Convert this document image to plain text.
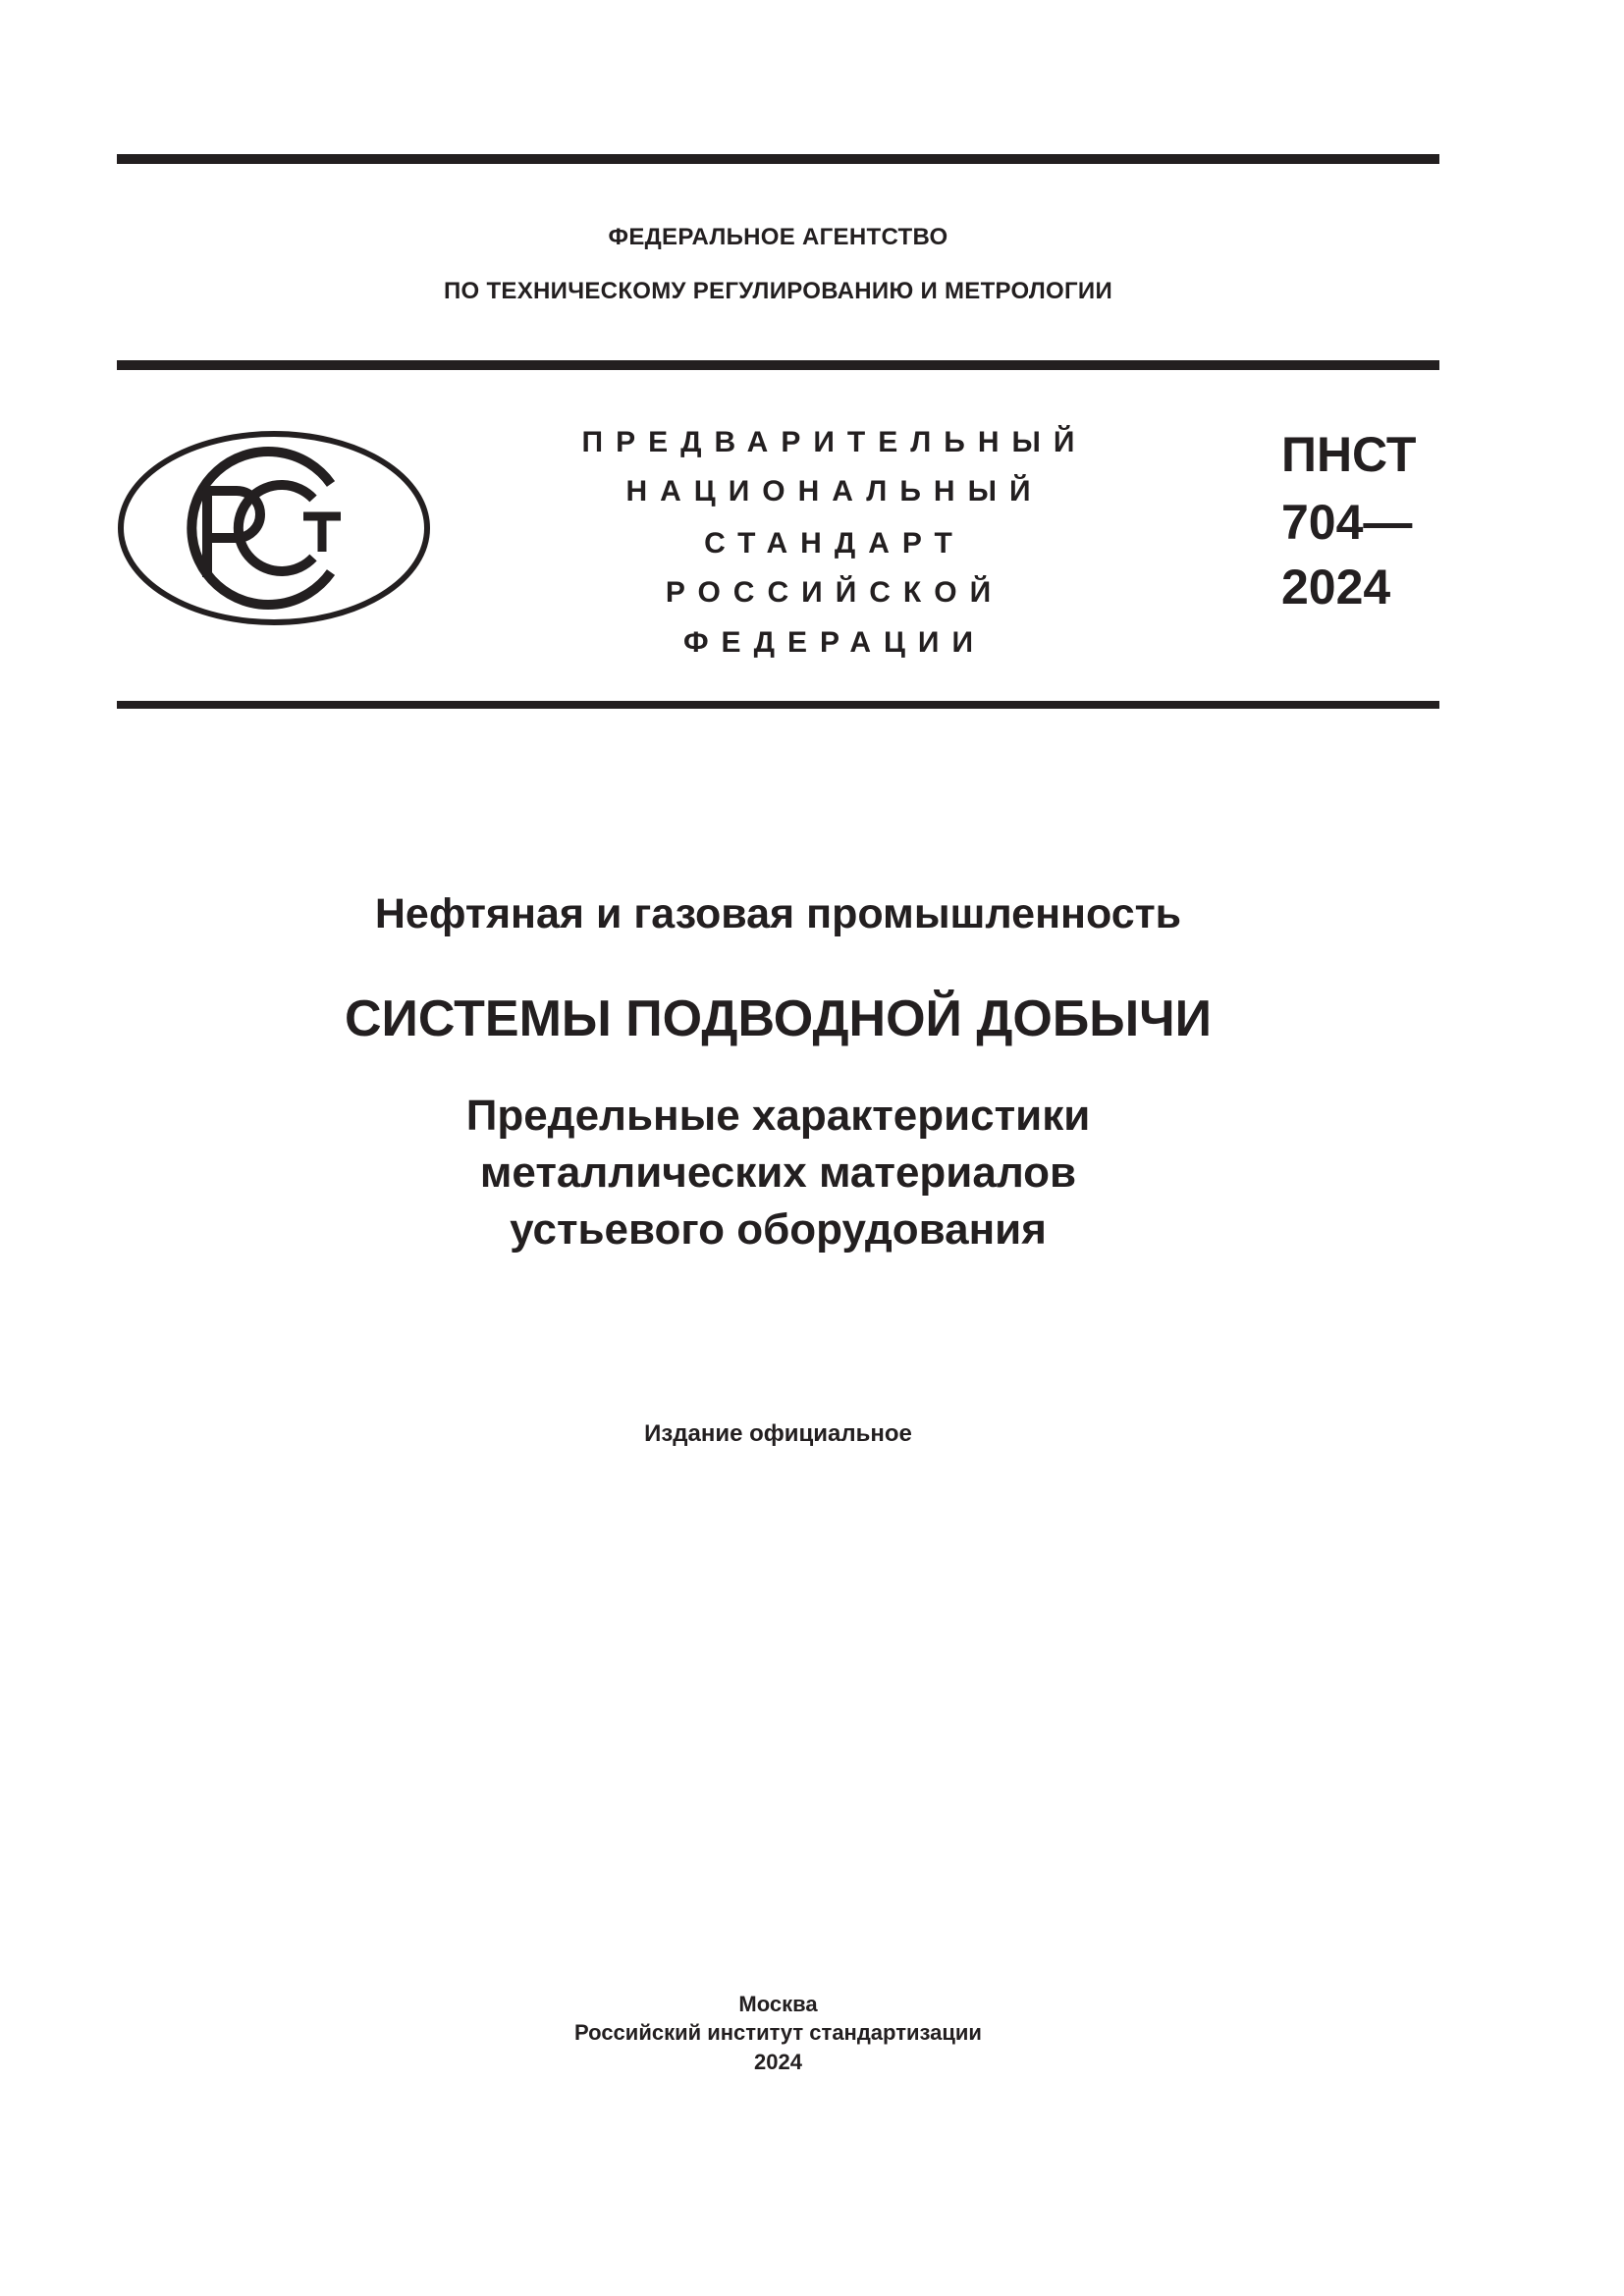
ФЕДЕРАЛЬНОЕ АГЕНТСТВО
ПО ТЕХНИЧЕСКОМУ РЕГУЛИРОВАНИЮ И МЕТРОЛОГИИ
ПРЕДВАРИТЕЛЬНЫЙ
НАЦИОНАЛЬНЫЙ
СТАНДАРТ
РОССИЙСКОЙ
ФЕДЕРАЦИИ
ПНСТ
704—
2024
Нефтяная и газовая промышленность
СИСТЕМЫ ПОДВОДНОЙ ДОБЫЧИ
Предельные характеристики
металлических материалов
устьевого оборудования
Издание официальное
Москва
Российский институт стандартизации
2024
